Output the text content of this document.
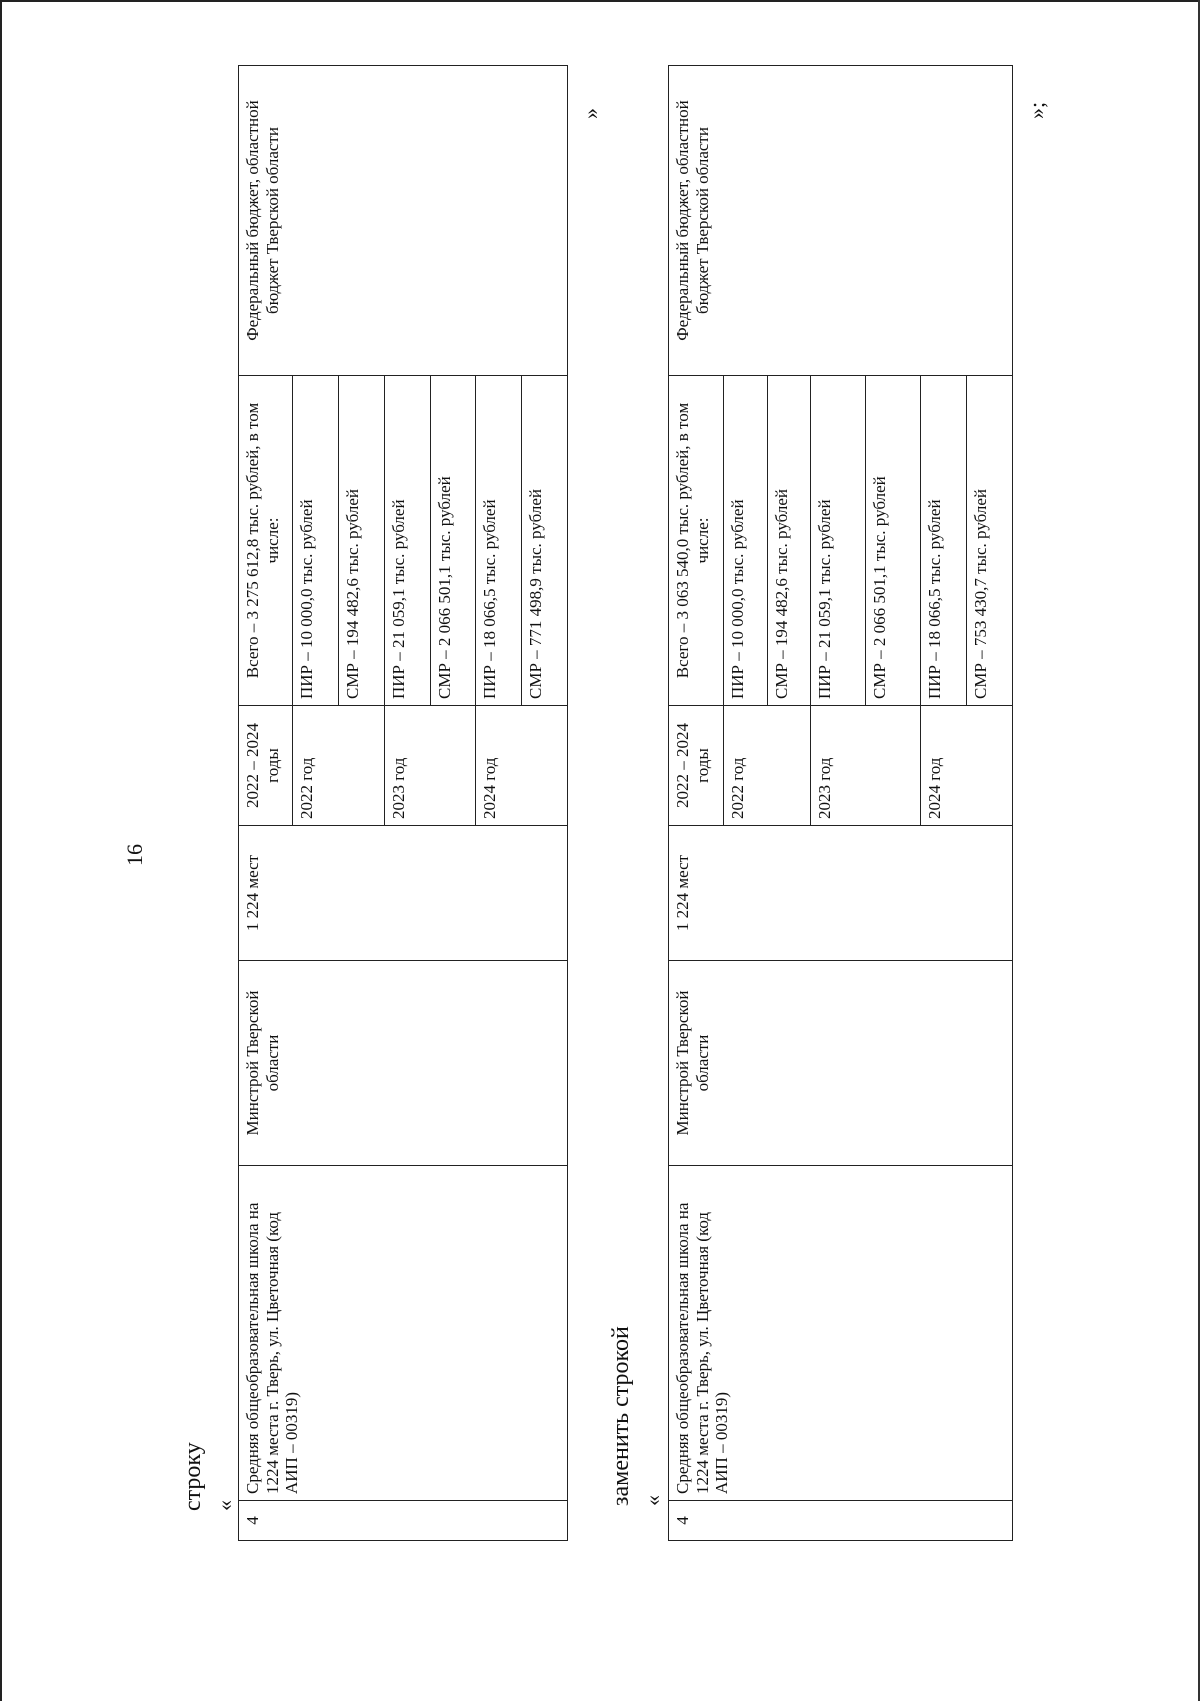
16
строку «
4	Средняя общеобразовательная школа на 1224 места г. Тверь, ул. Цветочная (код АИП – 00319)	Минстрой Тверской области	1 224 мест	2022 – 2024 годы	Всего – 3 275 612,8 тыс. рублей, в том числе:	Федеральный бюджет, областной бюджет Тверской области
				2022 год	ПИР – 10 000,0 тыс. рублей	
					СМР – 194 482,6 тыс. рублей	
				2023 год	ПИР – 21 059,1 тыс. рублей	
					СМР – 2 066 501,1 тыс. рублей	
				2024 год	ПИР – 18 066,5 тыс. рублей	
					СМР – 771 498,9 тыс. рублей	
»
заменить строкой «
4	Средняя общеобразовательная школа на 1224 места г. Тверь, ул. Цветочная (код АИП – 00319)	Минстрой Тверской области	1 224 мест	2022 – 2024 годы	Всего – 3 063 540,0 тыс. рублей, в том числе:	Федеральный бюджет, областной бюджет Тверской области
				2022 год	ПИР – 10 000,0 тыс. рублей	
					СМР – 194 482,6 тыс. рублей	
				2023 год	ПИР – 21 059,1 тыс. рублей	
					СМР – 2 066 501,1 тыс. рублей	
				2024 год	ПИР – 18 066,5 тыс. рублей	
					СМР – 753 430,7 тыс. рублей	
»;
